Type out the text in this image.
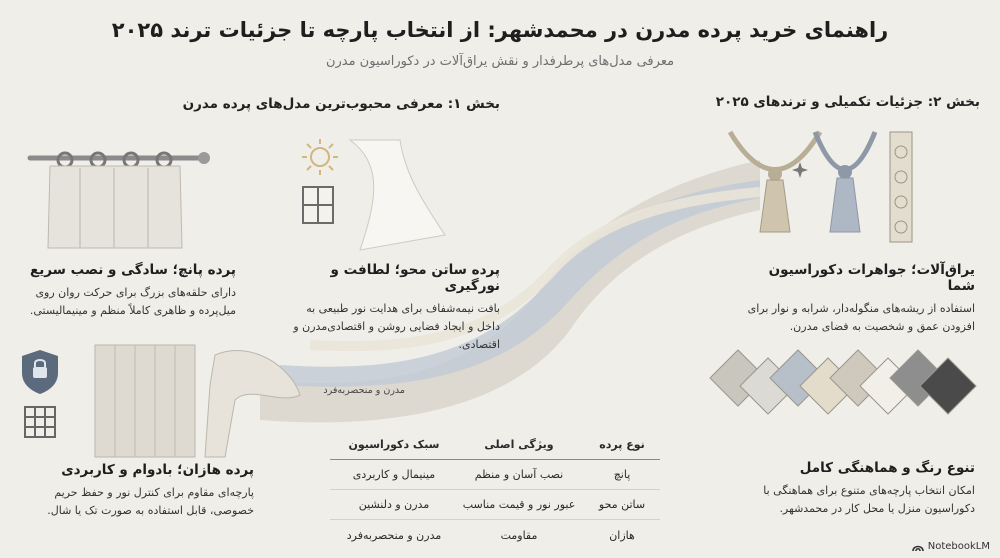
راهنمای خرید پرده مدرن در محمدشهر: از انتخاب پارچه تا جزئیات ترند ۲۰۲۵
معرفی مدل‌های پرطرفدار و نقش یراق‌آلات در دکوراسیون مدرن
بخش ۱: معرفی محبوب‌ترین مدل‌های پرده مدرن	بخش ۲: جزئیات تکمیلی و ترندهای ۲۰۲۵
مدرن و منحصربه‌فرد
پرده پانچ؛ سادگی و نصب سریع
دارای حلقه‌های بزرگ برای حرکت روان روی میل‌پرده و ظاهری کاملاً منظم و مینیمالیستی.
پرده ساتن محو؛ لطافت و نورگیری
بافت نیمه‌شفاف برای هدایت نور طبیعی به داخل و ایجاد فضایی روشن و اقتصادی‌مدرن و اقتصادی.
یراق‌آلات؛ جواهرات دکوراسیون شما
استفاده از ریشه‌های منگوله‌دار، شرابه و نوار برای افزودن عمق و شخصیت به فضای مدرن.
پرده هازان؛ بادوام و کاربردی
پارچه‌ای مقاوم برای کنترل نور و حفظ حریم خصوصی، قابل استفاده به صورت تک یا شال.
تنوع رنگ و هماهنگی کامل
امکان انتخاب پارچه‌های متنوع برای هماهنگی با دکوراسیون منزل یا محل کار در محمدشهر.
نوع پرده
ویژگی اصلی
سبک دکوراسیون
پانچ
نصب آسان و منظم
مینیمال و کاربردی
ساتن محو
عبور نور و قیمت مناسب
مدرن و دلنشین
هازان
مقاومت
مدرن و منحصربه‌فرد
NotebookLM
